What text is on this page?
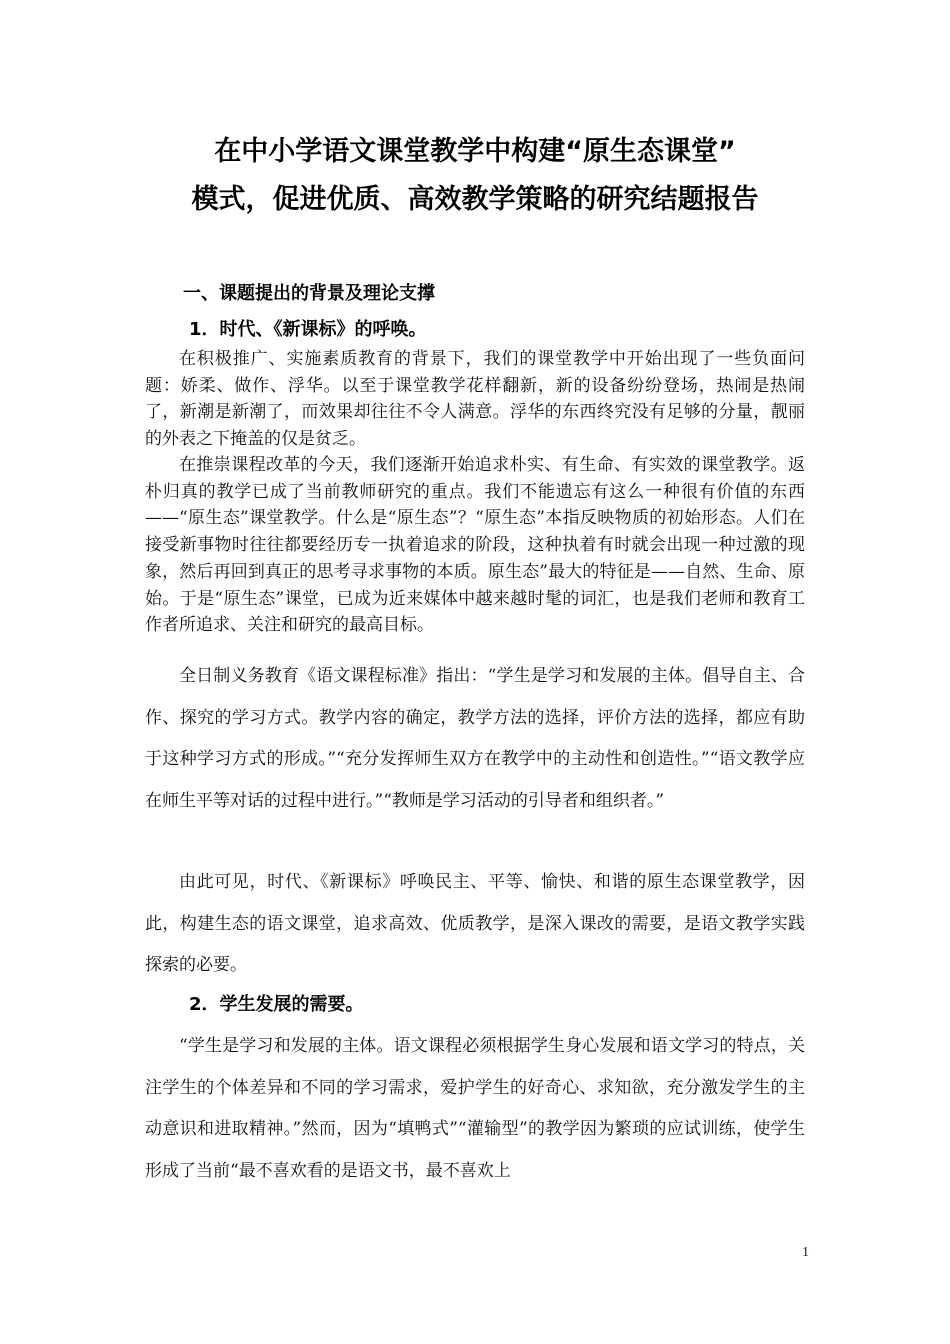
在中小学语文课堂教学中构建“原生态课堂”
模式，促进优质、高效教学策略的研究结题报告
一、课题提出的背景及理论支撑
1．时代、《新课标》的呼唤。

在积极推广、实施素质教育的背景下，我们的课堂教学中开始出现了一些负面问题：娇柔、做作、浮华。以至于课堂教学花样翻新，新的设备纷纷登场，热闹是热闹了，新潮是新潮了，而效果却往往不令人满意。浮华的东西终究没有足够的分量，靓丽的外表之下掩盖的仅是贫乏。

在推崇课程改革的今天，我们逐渐开始追求朴实、有生命、有实效的课堂教学。返朴归真的教学已成了当前教师研究的重点。我们不能遗忘有这么一种很有价值的东西——“原生态”课堂教学。什么是“原生态”？“原生态”本指反映物质的初始形态。人们在接受新事物时往往都要经历专一执着追求的阶段，这种执着有时就会出现一种过激的现象，然后再回到真正的思考寻求事物的本质。原生态”最大的特征是——自然、生命、原始。于是“原生态”课堂，已成为近来媒体中越来越时髦的词汇，也是我们老师和教育工作者所追求、关注和研究的最高目标。

全日制义务教育《语文课程标准》指出：“学生是学习和发展的主体。倡导自主、合作、探究的学习方式。教学内容的确定，教学方法的选择，评价方法的选择，都应有助于这种学习方式的形成。”“充分发挥师生双方在教学中的主动性和创造性。”“语文教学应在师生平等对话的过程中进行。”“教师是学习活动的引导者和组织者。”

由此可见，时代、《新课标》呼唤民主、平等、愉快、和谐的原生态课堂教学，因此，构建生态的语文课堂，追求高效、优质教学，是深入课改的需要，是语文教学实践探索的必要。

2．学生发展的需要。

“学生是学习和发展的主体。语文课程必须根据学生身心发展和语文学习的特点，关注学生的个体差异和不同的学习需求，爱护学生的好奇心、求知欲，充分激发学生的主动意识和进取精神。”然而，因为“填鸭式”“灌输型”的教学因为繁琐的应试训练，使学生形成了当前“最不喜欢看的是语文书，最不喜欢上

1
